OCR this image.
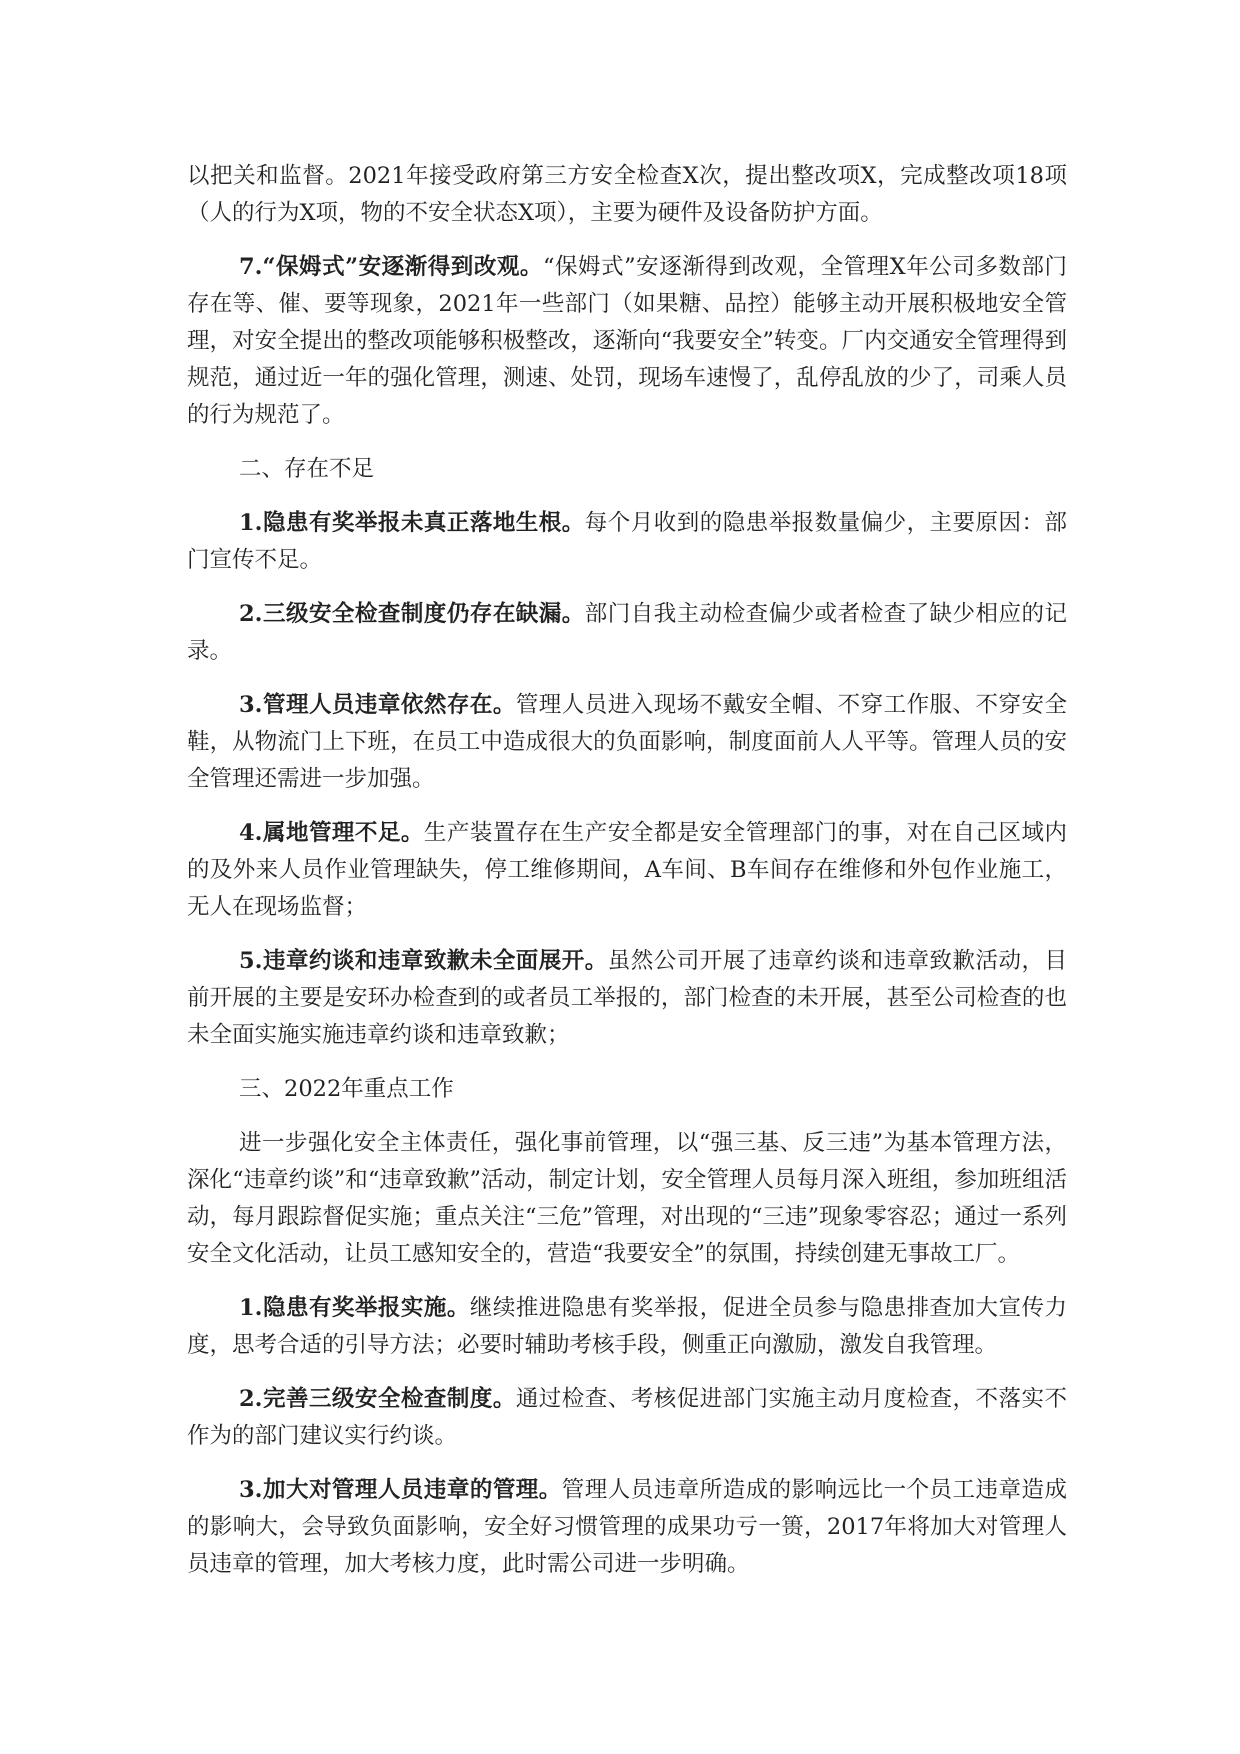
以把关和监督。2021年接受政府第三方安全检查X次，提出整改项X，完成整改项18项（人的行为X项，物的不安全状态X项），主要为硬件及设备防护方面。

7.“保姆式”安逐渐得到改观。“保姆式”安逐渐得到改观，全管理X年公司多数部门存在等、催、要等现象，2021年一些部门（如果糖、品控）能够主动开展积极地安全管理，对安全提出的整改项能够积极整改，逐渐向“我要安全”转变。厂内交通安全管理得到规范，通过近一年的强化管理，测速、处罚，现场车速慢了，乱停乱放的少了，司乘人员的行为规范了。

二、存在不足

1.隐患有奖举报未真正落地生根。每个月收到的隐患举报数量偏少，主要原因：部门宣传不足。

2.三级安全检查制度仍存在缺漏。部门自我主动检查偏少或者检查了缺少相应的记录。

3.管理人员违章依然存在。管理人员进入现场不戴安全帽、不穿工作服、不穿安全鞋，从物流门上下班，在员工中造成很大的负面影响，制度面前人人平等。管理人员的安全管理还需进一步加强。

4.属地管理不足。生产装置存在生产安全都是安全管理部门的事，对在自己区域内的及外来人员作业管理缺失，停工维修期间，A车间、B车间存在维修和外包作业施工，无人在现场监督；

5.违章约谈和违章致歉未全面展开。虽然公司开展了违章约谈和违章致歉活动，目前开展的主要是安环办检查到的或者员工举报的，部门检查的未开展，甚至公司检查的也未全面实施实施违章约谈和违章致歉；

三、2022年重点工作

进一步强化安全主体责任，强化事前管理，以“强三基、反三违”为基本管理方法，深化“违章约谈”和“违章致歉”活动，制定计划，安全管理人员每月深入班组，参加班组活动，每月跟踪督促实施；重点关注“三危”管理，对出现的“三违”现象零容忍；通过一系列安全文化活动，让员工感知安全的，营造“我要安全”的氛围，持续创建无事故工厂。

1.隐患有奖举报实施。继续推进隐患有奖举报，促进全员参与隐患排查加大宣传力度，思考合适的引导方法；必要时辅助考核手段，侧重正向激励，激发自我管理。

2.完善三级安全检查制度。通过检查、考核促进部门实施主动月度检查，不落实不作为的部门建议实行约谈。

3.加大对管理人员违章的管理。管理人员违章所造成的影响远比一个员工违章造成的影响大，会导致负面影响，安全好习惯管理的成果功亏一篑，2017年将加大对管理人员违章的管理，加大考核力度，此时需公司进一步明确。
